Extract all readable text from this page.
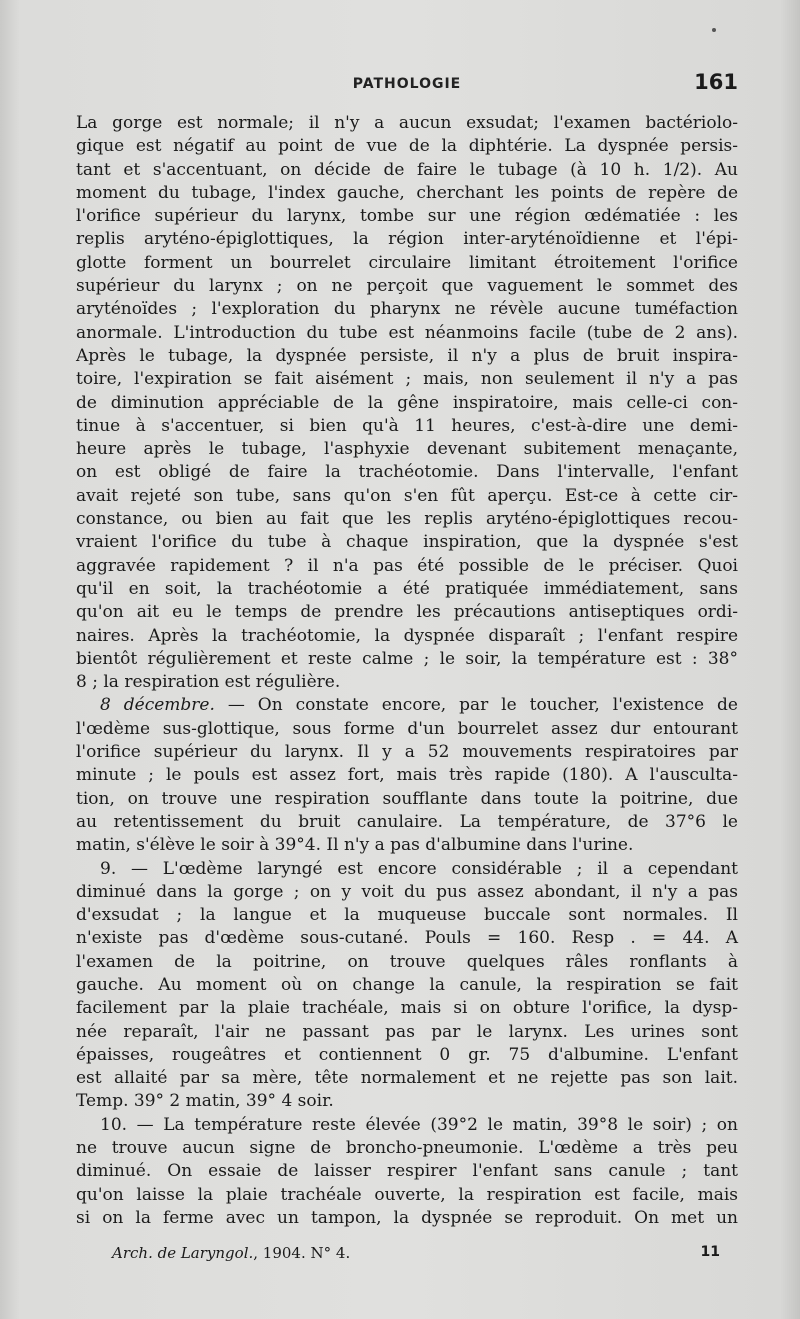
PATHOLOGIE	161
La gorge est normale; il n'y a aucun exsudat; l'examen bactériolo-
gique est négatif au point de vue de la diphtérie. La dyspnée persis-
tant et s'accentuant, on décide de faire le tubage (à 10 h. 1/2). Au
moment du tubage, l'index gauche, cherchant les points de repère de
l'orifice supérieur du larynx, tombe sur une région œdématiée : les
replis aryténo-épiglottiques, la région inter-aryténoïdienne et l'épi-
glotte forment un bourrelet circulaire limitant étroitement l'orifice
supérieur du larynx ; on ne perçoit que vaguement le sommet des
aryténoïdes ; l'exploration du pharynx ne révèle aucune tuméfaction
anormale. L'introduction du tube est néanmoins facile (tube de 2 ans).
Après le tubage, la dyspnée persiste, il n'y a plus de bruit inspira-
toire, l'expiration se fait aisément ; mais, non seulement il n'y a pas
de diminution appréciable de la gêne inspiratoire, mais celle-ci con-
tinue à s'accentuer, si bien qu'à 11 heures, c'est-à-dire une demi-
heure après le tubage, l'asphyxie devenant subitement menaçante,
on est obligé de faire la trachéotomie. Dans l'intervalle, l'enfant
avait rejeté son tube, sans qu'on s'en fût aperçu. Est-ce à cette cir-
constance, ou bien au fait que les replis aryténo-épiglottiques recou-
vraient l'orifice du tube à chaque inspiration, que la dyspnée s'est
aggravée rapidement ? il n'a pas été possible de le préciser. Quoi
qu'il en soit, la trachéotomie a été pratiquée immédiatement, sans
qu'on ait eu le temps de prendre les précautions antiseptiques ordi-
naires. Après la trachéotomie, la dyspnée disparaît ; l'enfant respire
bientôt régulièrement et reste calme ; le soir, la température est : 38°
8 ; la respiration est régulière.
8 décembre. — On constate encore, par le toucher, l'existence de
l'œdème sus-glottique, sous forme d'un bourrelet assez dur entourant
l'orifice supérieur du larynx. Il y a 52 mouvements respiratoires par
minute ; le pouls est assez fort, mais très rapide (180). A l'ausculta-
tion, on trouve une respiration soufflante dans toute la poitrine, due
au retentissement du bruit canulaire. La température, de 37°6 le
matin, s'élève le soir à 39°4. Il n'y a pas d'albumine dans l'urine.
9. — L'œdème laryngé est encore considérable ; il a cependant
diminué dans la gorge ; on y voit du pus assez abondant, il n'y a pas
d'exsudat ; la langue et la muqueuse buccale sont normales. Il
n'existe pas d'œdème sous-cutané. Pouls = 160. Resp . = 44. A
l'examen de la poitrine, on trouve quelques râles ronflants à
gauche. Au moment où on change la canule, la respiration se fait
facilement par la plaie trachéale, mais si on obture l'orifice, la dysp-
née reparaît, l'air ne passant pas par le larynx. Les urines sont
épaisses, rougeâtres et contiennent 0 gr. 75 d'albumine. L'enfant
est allaité par sa mère, tête normalement et ne rejette pas son lait.
Temp. 39° 2 matin, 39° 4 soir.
10. — La température reste élevée (39°2 le matin, 39°8 le soir) ; on
ne trouve aucun signe de broncho-pneumonie. L'œdème a très peu
diminué. On essaie de laisser respirer l'enfant sans canule ; tant
qu'on laisse la plaie trachéale ouverte, la respiration est facile, mais
si on la ferme avec un tampon, la dyspnée se reproduit. On met un
Arch. de Laryngol., 1904. N° 4.	11
